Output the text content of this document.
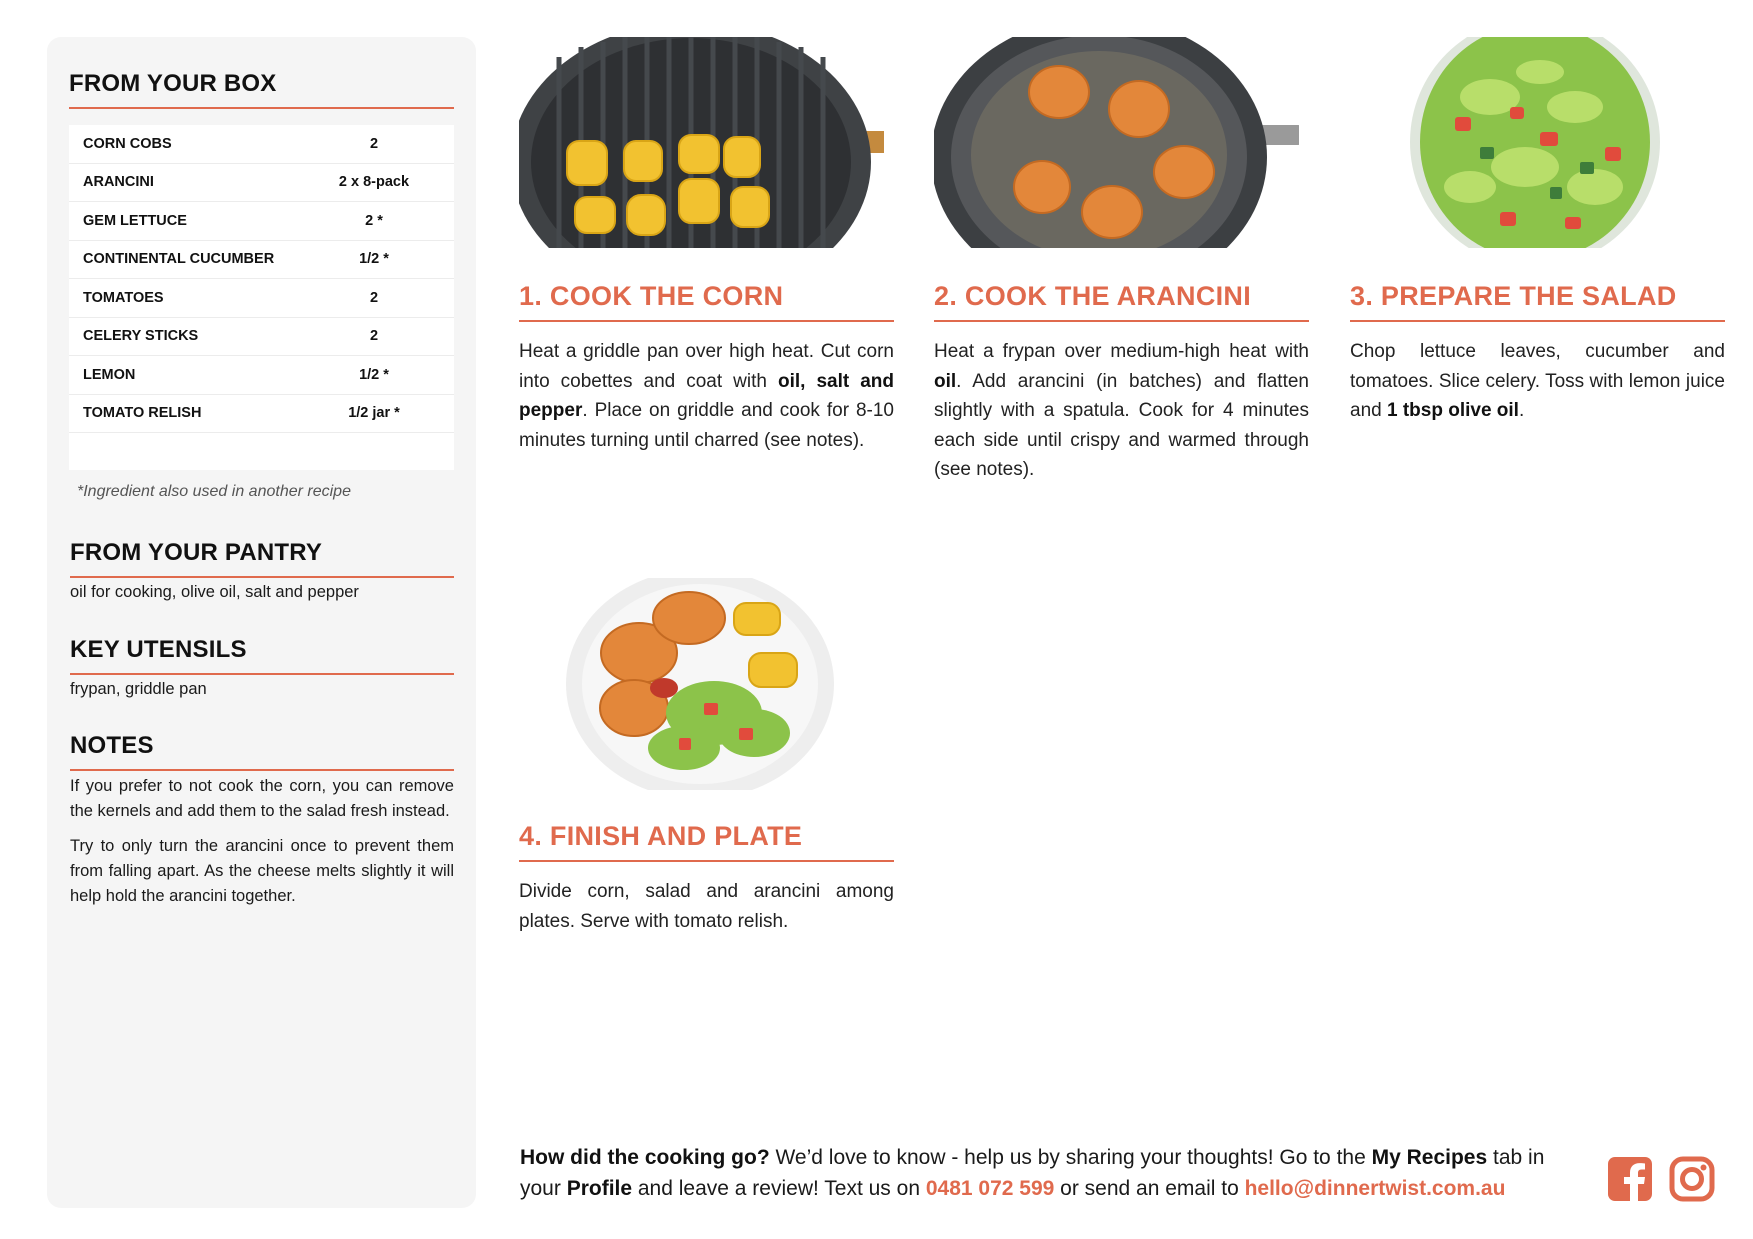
FROM YOUR BOX
CORN COBS	2
ARANCINI	2 x 8-pack
GEM LETTUCE	2 *
CONTINENTAL CUCUMBER	1/2 *
TOMATOES	2
CELERY STICKS	2
LEMON	1/2 *
TOMATO RELISH	1/2 jar *
*Ingredient also used in another recipe
FROM YOUR PANTRY
oil for cooking, olive oil, salt and pepper
KEY UTENSILS
frypan, griddle pan
NOTES

If you prefer to not cook the corn, you can remove the kernels and add them to the salad fresh instead.

Try to only turn the arancini once to prevent them from falling apart. As the cheese melts slightly it will help hold the arancini together.

1. COOK THE CORN
Heat a griddle pan over high heat. Cut corn into cobettes and coat with oil, salt and pepper. Place on griddle and cook for 8-10 minutes turning until charred (see notes).
2. COOK THE ARANCINI
Heat a frypan over medium-high heat with oil. Add arancini (in batches) and flatten slightly with a spatula. Cook for 4 minutes each side until crispy and warmed through (see notes).
3. PREPARE THE SALAD
Chop lettuce leaves, cucumber and tomatoes. Slice celery. Toss with lemon juice and 1 tbsp olive oil.
4. FINISH AND PLATE
Divide corn, salad and arancini among plates. Serve with tomato relish.
How did the cooking go? We’d love to know - help us by sharing your thoughts! Go to the My Recipes tab in your Profile and leave a review! Text us on 0481 072 599 or send an email to hello@dinnertwist.com.au
